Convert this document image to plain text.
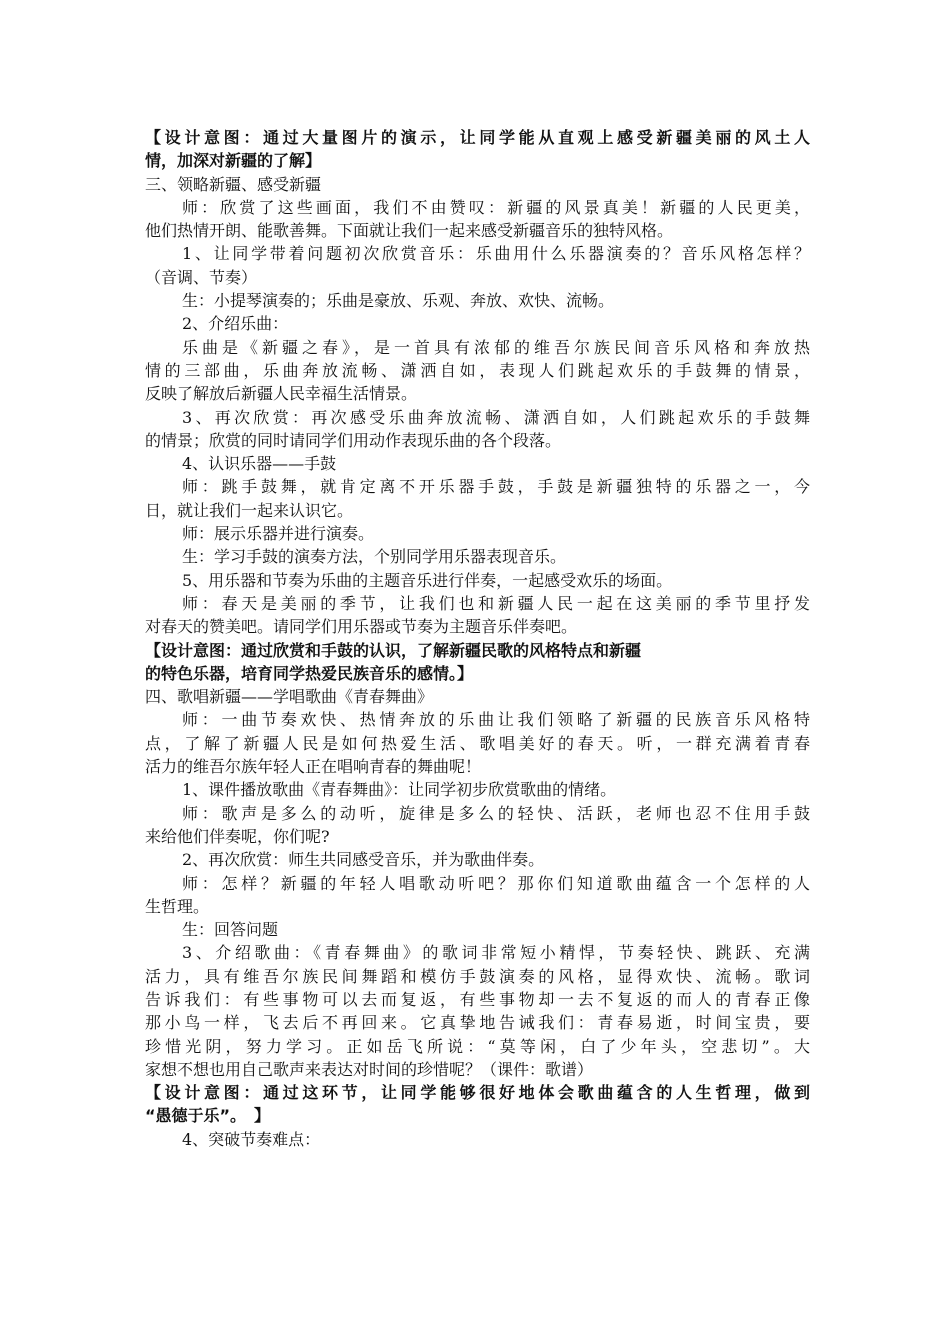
【设计意图：通过大量图片的演示，让同学能从直观上感受新疆美丽的风土人
情，加深对新疆的了解】
三、领略新疆、感受新疆
师：欣赏了这些画面，我们不由赞叹：新疆的风景真美！新疆的人民更美，
他们热情开朗、能歌善舞。下面就让我们一起来感受新疆音乐的独特风格。
1、让同学带着问题初次欣赏音乐：乐曲用什么乐器演奏的？音乐风格怎样？
（音调、节奏）
生：小提琴演奏的；乐曲是豪放、乐观、奔放、欢快、流畅。
2、介绍乐曲：
乐曲是《新疆之春》，是一首具有浓郁的维吾尔族民间音乐风格和奔放热
情的三部曲，乐曲奔放流畅、潇洒自如，表现人们跳起欢乐的手鼓舞的情景，
反映了解放后新疆人民幸福生活情景。
3、再次欣赏：再次感受乐曲奔放流畅、潇洒自如，人们跳起欢乐的手鼓舞
的情景；欣赏的同时请同学们用动作表现乐曲的各个段落。
4、认识乐器——手鼓
师：跳手鼓舞，就肯定离不开乐器手鼓，手鼓是新疆独特的乐器之一，今
日，就让我们一起来认识它。
师：展示乐器并进行演奏。
生：学习手鼓的演奏方法，个别同学用乐器表现音乐。
5、用乐器和节奏为乐曲的主题音乐进行伴奏，一起感受欢乐的场面。
师：春天是美丽的季节，让我们也和新疆人民一起在这美丽的季节里抒发
对春天的赞美吧。请同学们用乐器或节奏为主题音乐伴奏吧。
【设计意图：通过欣赏和手鼓的认识，了解新疆民歌的风格特点和新疆
的特色乐器，培育同学热爱民族音乐的感情。】
四、歌唱新疆——学唱歌曲《青春舞曲》
师：一曲节奏欢快、热情奔放的乐曲让我们领略了新疆的民族音乐风格特
点，了解了新疆人民是如何热爱生活、歌唱美好的春天。听，一群充满着青春
活力的维吾尔族年轻人正在唱响青春的舞曲呢！
1、课件播放歌曲《青春舞曲》：让同学初步欣赏歌曲的情绪。
师：歌声是多么的动听，旋律是多么的轻快、活跃，老师也忍不住用手鼓
来给他们伴奏呢，你们呢?
2、再次欣赏：师生共同感受音乐，并为歌曲伴奏。
师：怎样？新疆的年轻人唱歌动听吧？那你们知道歌曲蕴含一个怎样的人
生哲理。
生：回答问题
3、介绍歌曲：《青春舞曲》的歌词非常短小精悍，节奏轻快、跳跃、充满
活力，具有维吾尔族民间舞蹈和模仿手鼓演奏的风格，显得欢快、流畅。歌词
告诉我们：有些事物可以去而复返，有些事物却一去不复返的而人的青春正像
那小鸟一样，飞去后不再回来。它真挚地告诫我们：青春易逝，时间宝贵，要
珍惜光阴，努力学习。正如岳飞所说：“莫等闲，白了少年头，空悲切”。大
家想不想也用自己歌声来表达对时间的珍惜呢？（课件：歌谱）
【设计意图：通过这环节，让同学能够很好地体会歌曲蕴含的人生哲理，做到
“愚德于乐”。　】
4、突破节奏难点：
